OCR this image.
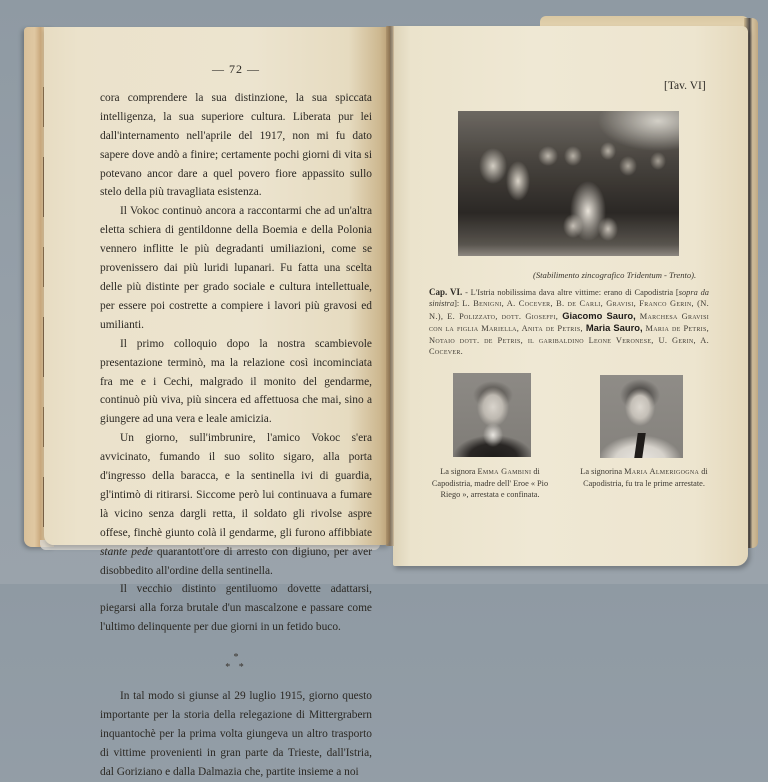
— 72 —

cora comprendere la sua distinzione, la sua spiccata intelligenza, la sua superiore cultura. Liberata pur lei dall'internamento nell'aprile del 1917, non mi fu dato sapere dove andò a finire; certamente pochi giorni di vita si potevano ancor dare a quel povero fiore appassito sullo stelo della più travagliata esistenza.

Il Vokoc continuò ancora a raccontarmi che ad un'altra eletta schiera di gentildonne della Boemia e della Polonia vennero inflitte le più degradanti umiliazioni, come se provenissero dai più luridi lupanari. Fu fatta una scelta delle più distinte per grado sociale e cultura intellettuale, per essere poi costrette a compiere i lavori più gravosi ed umilianti.

Il primo colloquio dopo la nostra scambievole presentazione terminò, ma la relazione così incominciata fra me e i Cechi, malgrado il monito del gendarme, continuò più viva, più sincera ed affettuosa che mai, sino a giungere ad una vera e leale amicizia.

Un giorno, sull'imbrunire, l'amico Vokoc s'era avvicinato, fumando il suo solito sigaro, alla porta d'ingresso della baracca, e la sentinella ivi di guardia, gl'intimò di ritirarsi. Siccome però lui continuava a fumare là vicino senza dargli retta, il soldato gli rivolse aspre offese, finchè giunto colà il gendarme, gli furono affibbiate stante pede quarantott'ore di arresto con digiuno, per aver disobbedito all'ordine della sentinella.

Il vecchio distinto gentiluomo dovette adattarsi, piegarsi alla forza brutale d'un mascalzone e passare come l'ultimo delinquente per due giorni in un fetido buco.

*
* *

In tal modo si giunse al 29 luglio 1915, giorno questo importante per la storia della relegazione di Mittergrabern inquantochè per la prima volta giungeva un altro trasporto di vittime provenienti in gran parte da Trieste, dall'Istria, dal Goriziano e dalla Dalmazia che, partite insieme a noi

[Tav. VI]
(Stabilimento zincografico Tridentum - Trento).
Cap. VI. - L'Istria nobilissima dava altre vittime: erano di Capodistria [sopra da sinistra]: L. Benigni, A. Cocever, B. de Carli, Gravisi, Franco Gerin, (N. N.), E. Polizzato, dott. Gioseffi, Giacomo Sauro, Marchesa Gravisi con la figlia Mariella, Anita de Petris, Maria Sauro, Maria de Petris, Notaio dott. de Petris, il garibaldino Leone Veronese, U. Gerin, A. Cocever.
La signora Emma Gambini di Capodistria, madre dell' Eroe « Pio Riego », arrestata e confinata.
La signorina Maria Almerigogna di Capodistria, fu tra le prime arrestate.
